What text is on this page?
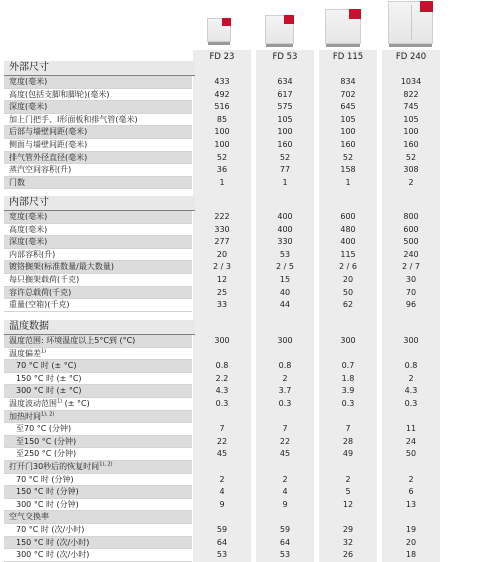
FD 23	FD 53	FD 115	FD 240
外部尺寸
宽度(毫米)	433	634	834	1034
高度(包括支脚和脚轮)(毫米)	492	617	702	822
深度(毫米)	516	575	645	745
加上门把手、I形面板和排气管(毫米)	85	105	105	105
后部与墙壁间距(毫米)	100	100	100	100
侧面与墙壁间距(毫米)	100	160	160	160
排气管外径直径(毫米)	52	52	52	52
蒸汽空间容积(升)	36	77	158	308
门数	1	1	1	2
内部尺寸
宽度(毫米)	222	400	600	800
高度(毫米)	330	400	480	600
深度(毫米)	277	330	400	500
内部容积(升)	20	53	115	240
镀铬搁架(标准数量/最大数量)	2 / 3	2 / 5	2 / 6	2 / 7
每只搁架载荷(千克)	12	15	20	30
容许总载荷(千克)	25	40	50	70
重量(空箱)(千克)	33	44	62	96
温度数据
温度范围: 环境温度以上5°C到 (°C)	300	300	300	300
温度偏差$^{1)}$
70 °C 时 (± °C)	0.8	0.8	0.7	0.8
150 °C 时 (± °C)	2.2	2	1.8	2
300 °C 时 (± °C)	4.3	3.7	3.9	4.3
温度波动范围$^{1)}$ (± °C)	0.3	0.3	0.3	0.3
加热时间$^{1), 2)}$
至70 °C (分钟)	7	7	7	11
至150 °C (分钟)	22	22	28	24
至250 °C (分钟)	45	45	49	50
打开门30秒后的恢复时间$^{1), 2)}$
70 °C 时 (分钟)	2	2	2	2
150 °C 时 (分钟)	4	4	5	6
300 °C 时 (分钟)	9	9	12	13
空气交换率
70 °C 时 (次/小时)	59	59	29	19
150 °C 时 (次/小时)	64	64	32	20
300 °C 时 (次/小时)	53	53	26	18
